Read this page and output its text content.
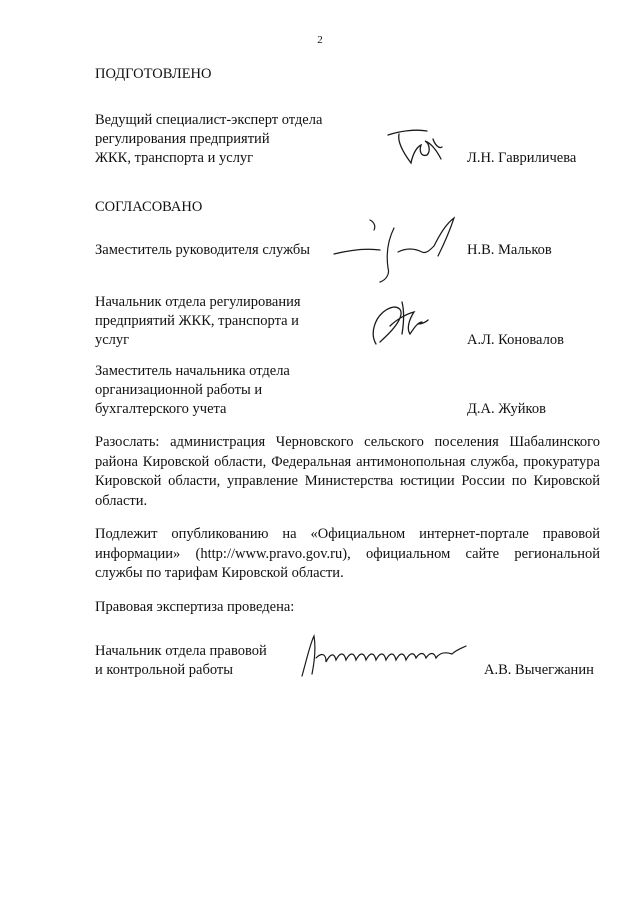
2
ПОДГОТОВЛЕНО
Ведущий специалист-эксперт отдела
регулирования предприятий
ЖКК, транспорта и услуг	Л.Н. Гавриличева
СОГЛАСОВАНО
Заместитель руководителя службы	Н.В. Мальков
Начальник отдела регулирования
предприятий ЖКК, транспорта и
услуг	А.Л. Коновалов
Заместитель начальника отдела
организационной работы и
бухгалтерского учета	Д.А. Жуйков
Разослать: администрация Черновского сельского поселения Шабалинского района Кировской области, Федеральная антимонопольная служба, прокуратура Кировской области, управление Министерства юстиции России по Кировской области.
Подлежит опубликованию на «Официальном интернет-портале правовой информации» (http://www.pravo.gov.ru), официальном сайте региональной службы по тарифам Кировской области.
Правовая экспертиза проведена:
Начальник отдела правовой
и контрольной работы	А.В. Вычегжанин
